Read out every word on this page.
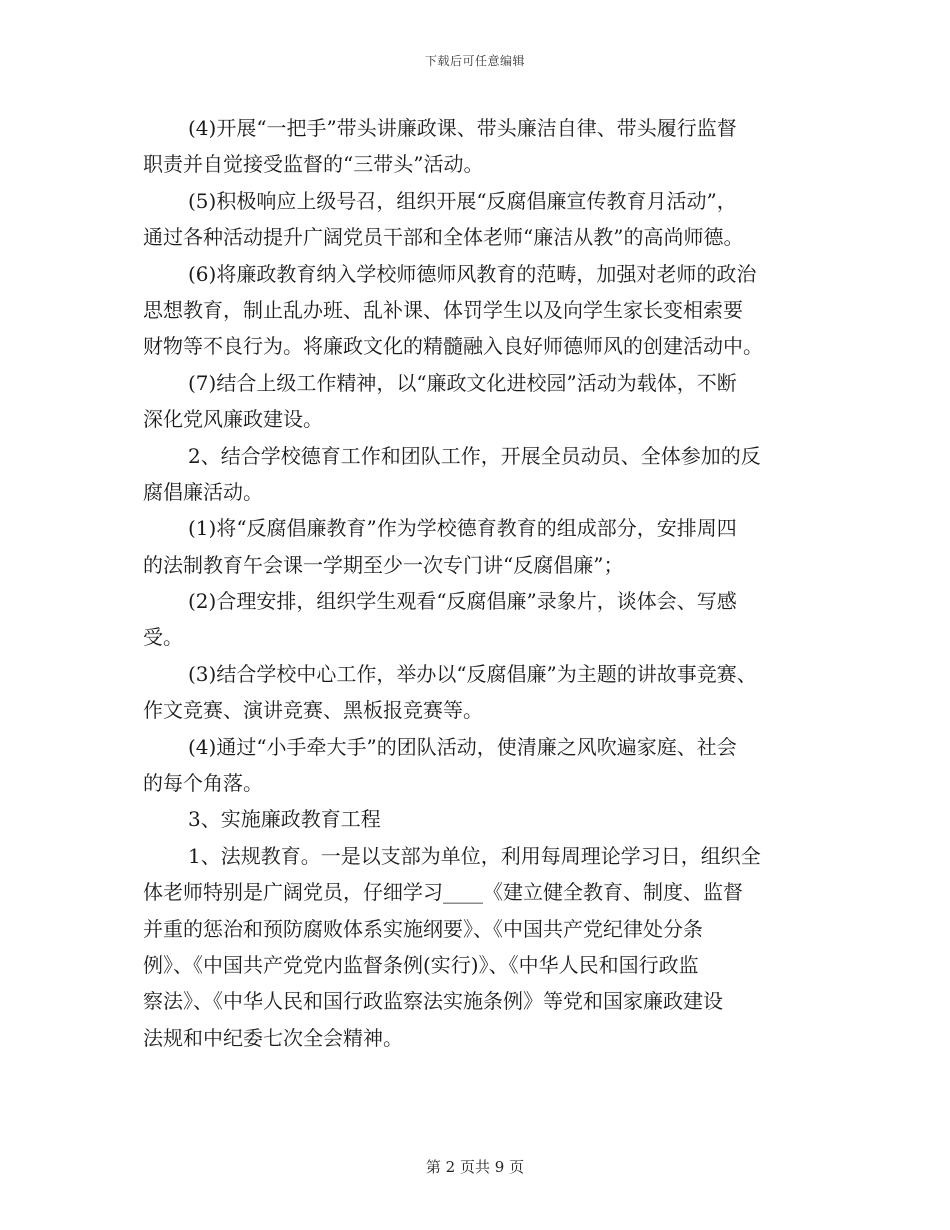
下载后可任意编辑
(4)开展“一把手”带头讲廉政课、带头廉洁自律、带头履行监督
职责并自觉接受监督的“三带头”活动。
(5)积极响应上级号召，组织开展“反腐倡廉宣传教育月活动”，
通过各种活动提升广阔党员干部和全体老师“廉洁从教”的高尚师德。
(6)将廉政教育纳入学校师德师风教育的范畴，加强对老师的政治
思想教育，制止乱办班、乱补课、体罚学生以及向学生家长变相索要
财物等不良行为。将廉政文化的精髓融入良好师德师风的创建活动中。
(7)结合上级工作精神，以“廉政文化进校园”活动为载体，不断
深化党风廉政建设。
2、结合学校德育工作和团队工作，开展全员动员、全体参加的反
腐倡廉活动。
(1)将“反腐倡廉教育”作为学校德育教育的组成部分，安排周四
的法制教育午会课一学期至少一次专门讲“反腐倡廉”；
(2)合理安排，组织学生观看“反腐倡廉”录象片，谈体会、写感
受。
(3)结合学校中心工作，举办以“反腐倡廉”为主题的讲故事竞赛、
作文竞赛、演讲竞赛、黑板报竞赛等。
(4)通过“小手牵大手”的团队活动，使清廉之风吹遍家庭、社会
的每个角落。
3、实施廉政教育工程
1、法规教育。一是以支部为单位，利用每周理论学习日，组织全
体老师特别是广阔党员，仔细学习____《建立健全教育、制度、监督
并重的惩治和预防腐败体系实施纲要》、《中国共产党纪律处分条
例》、《中国共产党党内监督条例(实行)》、《中华人民和国行政监
察法》、《中华人民和国行政监察法实施条例》等党和国家廉政建设
法规和中纪委七次全会精神。
第 2 页共 9 页
